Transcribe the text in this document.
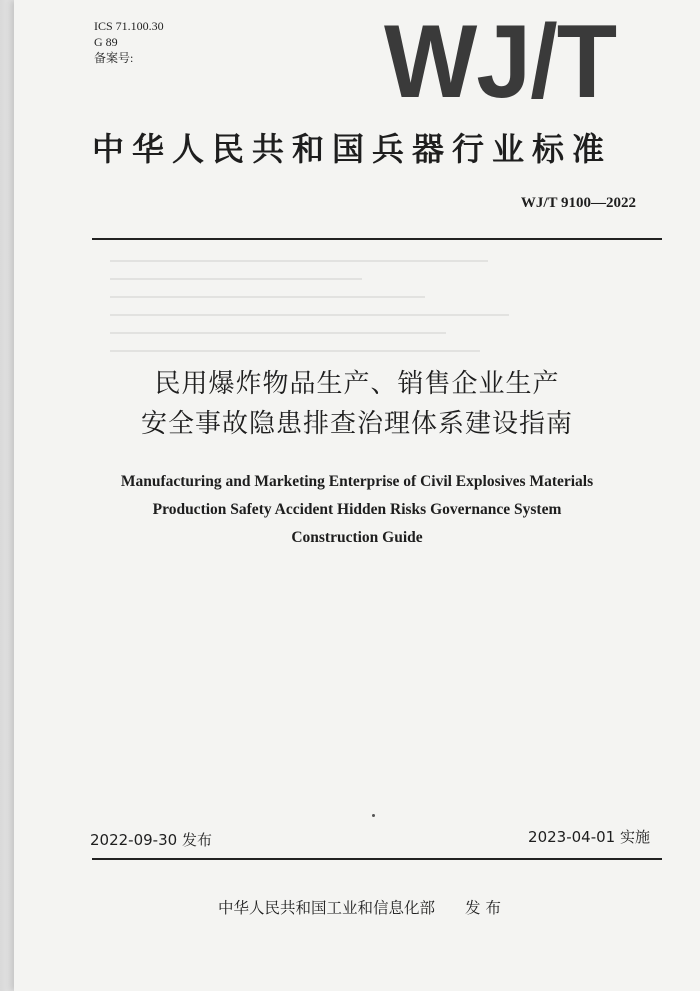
ICS 71.100.30
G 89
备案号: WJ/T
中华人民共和国兵器行业标准
WJ/T 9100—2022
民用爆炸物品生产、销售企业生产
安全事故隐患排查治理体系建设指南
Manufacturing and Marketing Enterprise of Civil Explosives Materials
Production Safety Accident Hidden Risks Governance System
Construction Guide
2022-09-30 发布	2023-04-01 实施
中华人民共和国工业和信息化部 发 布
